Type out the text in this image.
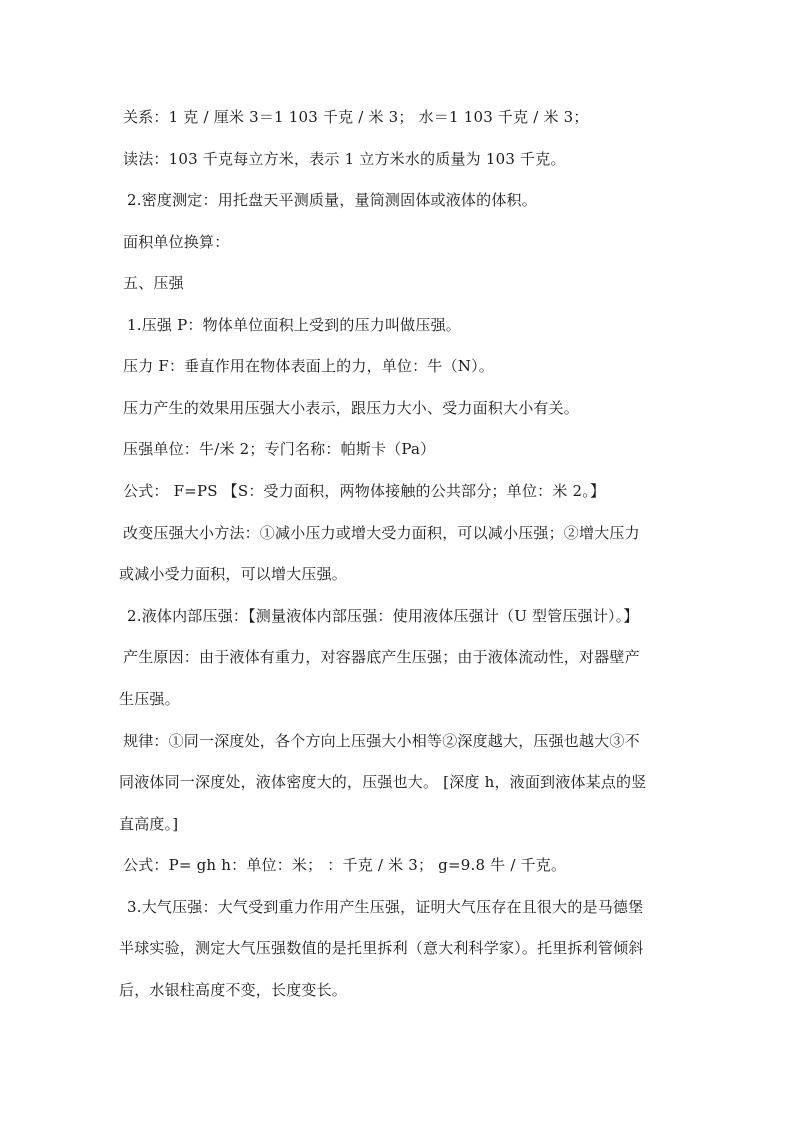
关系：1 克 / 厘米 3＝1 103 千克 / 米 3； 水＝1 103 千克 / 米 3；
读法：103 千克每立方米，表示 1 立方米水的质量为 103 千克。
2.密度测定：用托盘天平测质量，量筒测固体或液体的体积。
面积单位换算：
五、压强
1.压强 P：物体单位面积上受到的压力叫做压强。
压力 F：垂直作用在物体表面上的力，单位：牛（N）。
压力产生的效果用压强大小表示，跟压力大小、受力面积大小有关。
压强单位：牛/米 2；专门名称：帕斯卡（Pa）
公式： F=PS 【S：受力面积，两物体接触的公共部分；单位：米 2。】
改变压强大小方法：①减小压力或增大受力面积，可以减小压强；②增大压力
或减小受力面积，可以增大压强。
2.液体内部压强：【测量液体内部压强：使用液体压强计（U 型管压强计）。】
产生原因：由于液体有重力，对容器底产生压强；由于液体流动性，对器壁产
生压强。
规律：①同一深度处，各个方向上压强大小相等②深度越大，压强也越大③不
同液体同一深度处，液体密度大的，压强也大。 [深度 h，液面到液体某点的竖
直高度。]
公式：P= gh h：单位：米； ：千克 / 米 3； g=9.8 牛 / 千克。
3.大气压强：大气受到重力作用产生压强，证明大气压存在且很大的是马德堡
半球实验，测定大气压强数值的是托里拆利（意大利科学家）。托里拆利管倾斜
后，水银柱高度不变，长度变长。
